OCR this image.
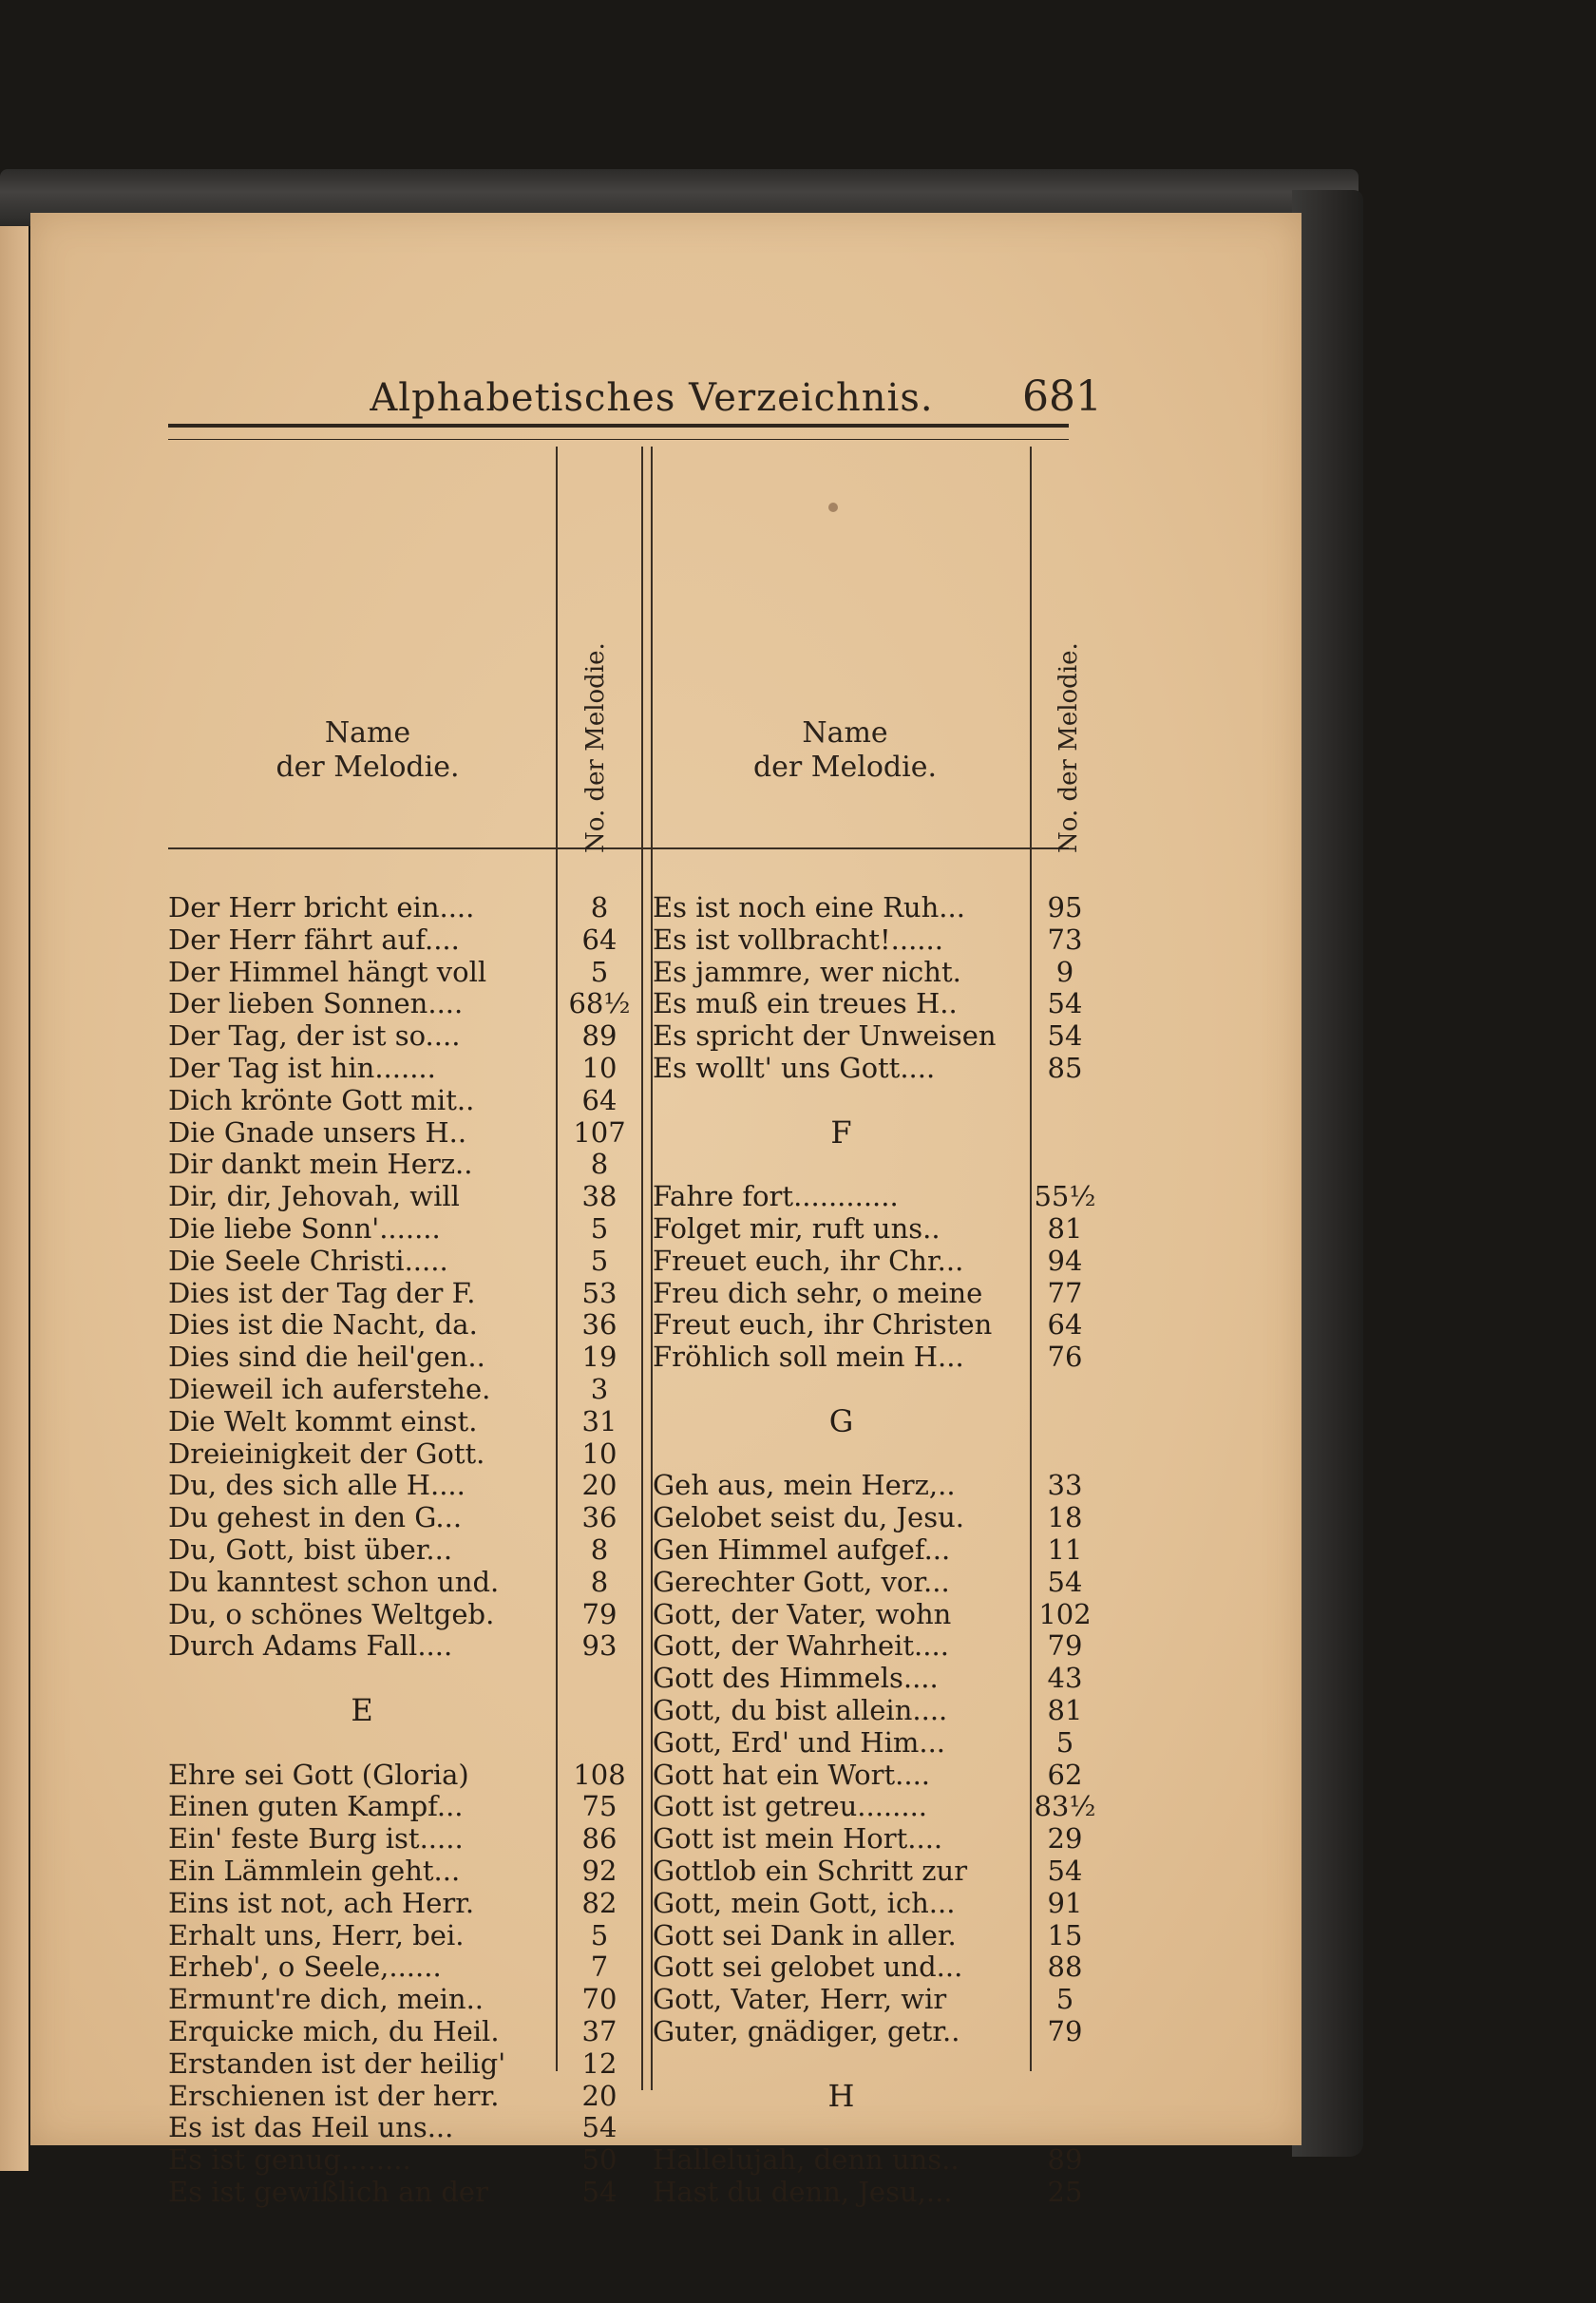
Alphabetisches Verzeichnis.	681
Name
der Melodie.	No. der Melodie.	Name
der Melodie.	No. der Melodie.
Der Herr bricht ein....	8
Der Herr fährt auf....	64
Der Himmel hängt voll	5
Der lieben Sonnen....	68½
Der Tag, der ist so....	89
Der Tag ist hin.......	10
Dich krönte Gott mit..	64
Die Gnade unsers H..	107
Dir dankt mein Herz..	8
Dir, dir, Jehovah, will	38
Die liebe Sonn'.......	5
Die Seele Christi.....	5
Dies ist der Tag der F.	53
Dies ist die Nacht, da.	36
Dies sind die heil'gen..	19
Dieweil ich auferstehe.	3
Die Welt kommt einst.	31
Dreieinigkeit der Gott.	10
Du, des sich alle H....	20
Du gehest in den G...	36
Du, Gott, bist über...	8
Du kanntest schon und.	8
Du, o schönes Weltgeb.	79
Durch Adams Fall....	93
Ehre sei Gott (Gloria)	108
Einen guten Kampf...	75
Ein' feste Burg ist.....	86
Ein Lämmlein geht...	92
Eins ist not, ach Herr.	82
Erhalt uns, Herr, bei.	5
Erheb', o Seele,......	7
Ermunt're dich, mein..	70
Erquicke mich, du Heil.	37
Erstanden ist der heilig'	12
Erschienen ist der herr.	20
Es ist das Heil uns...	54
Es ist genug........	50
Es ist gewißlich an der	54
E
Es ist noch eine Ruh...	95
Es ist vollbracht!......	73
Es jammre, wer nicht.	9
Es muß ein treues H..	54
Es spricht der Unweisen	54
Es wollt' uns Gott....	85
Fahre fort............	55½
Folget mir, ruft uns..	81
Freuet euch, ihr Chr...	94
Freu dich sehr, o meine	77
Freut euch, ihr Christen	64
Fröhlich soll mein H...	76
Geh aus, mein Herz,..	33
Gelobet seist du, Jesu.	18
Gen Himmel aufgef...	11
Gerechter Gott, vor...	54
Gott, der Vater, wohn	102
Gott, der Wahrheit....	79
Gott des Himmels....	43
Gott, du bist allein....	81
Gott, Erd' und Him...	5
Gott hat ein Wort....	62
Gott ist getreu........	83½
Gott ist mein Hort....	29
Gottlob ein Schritt zur	54
Gott, mein Gott, ich...	91
Gott sei Dank in aller.	15
Gott sei gelobet und...	88
Gott, Vater, Herr, wir	5
Guter, gnädiger, getr..	79
Hallelujah, denn uns..	89
Hast du denn, Jesu,...	25
F
G
H
